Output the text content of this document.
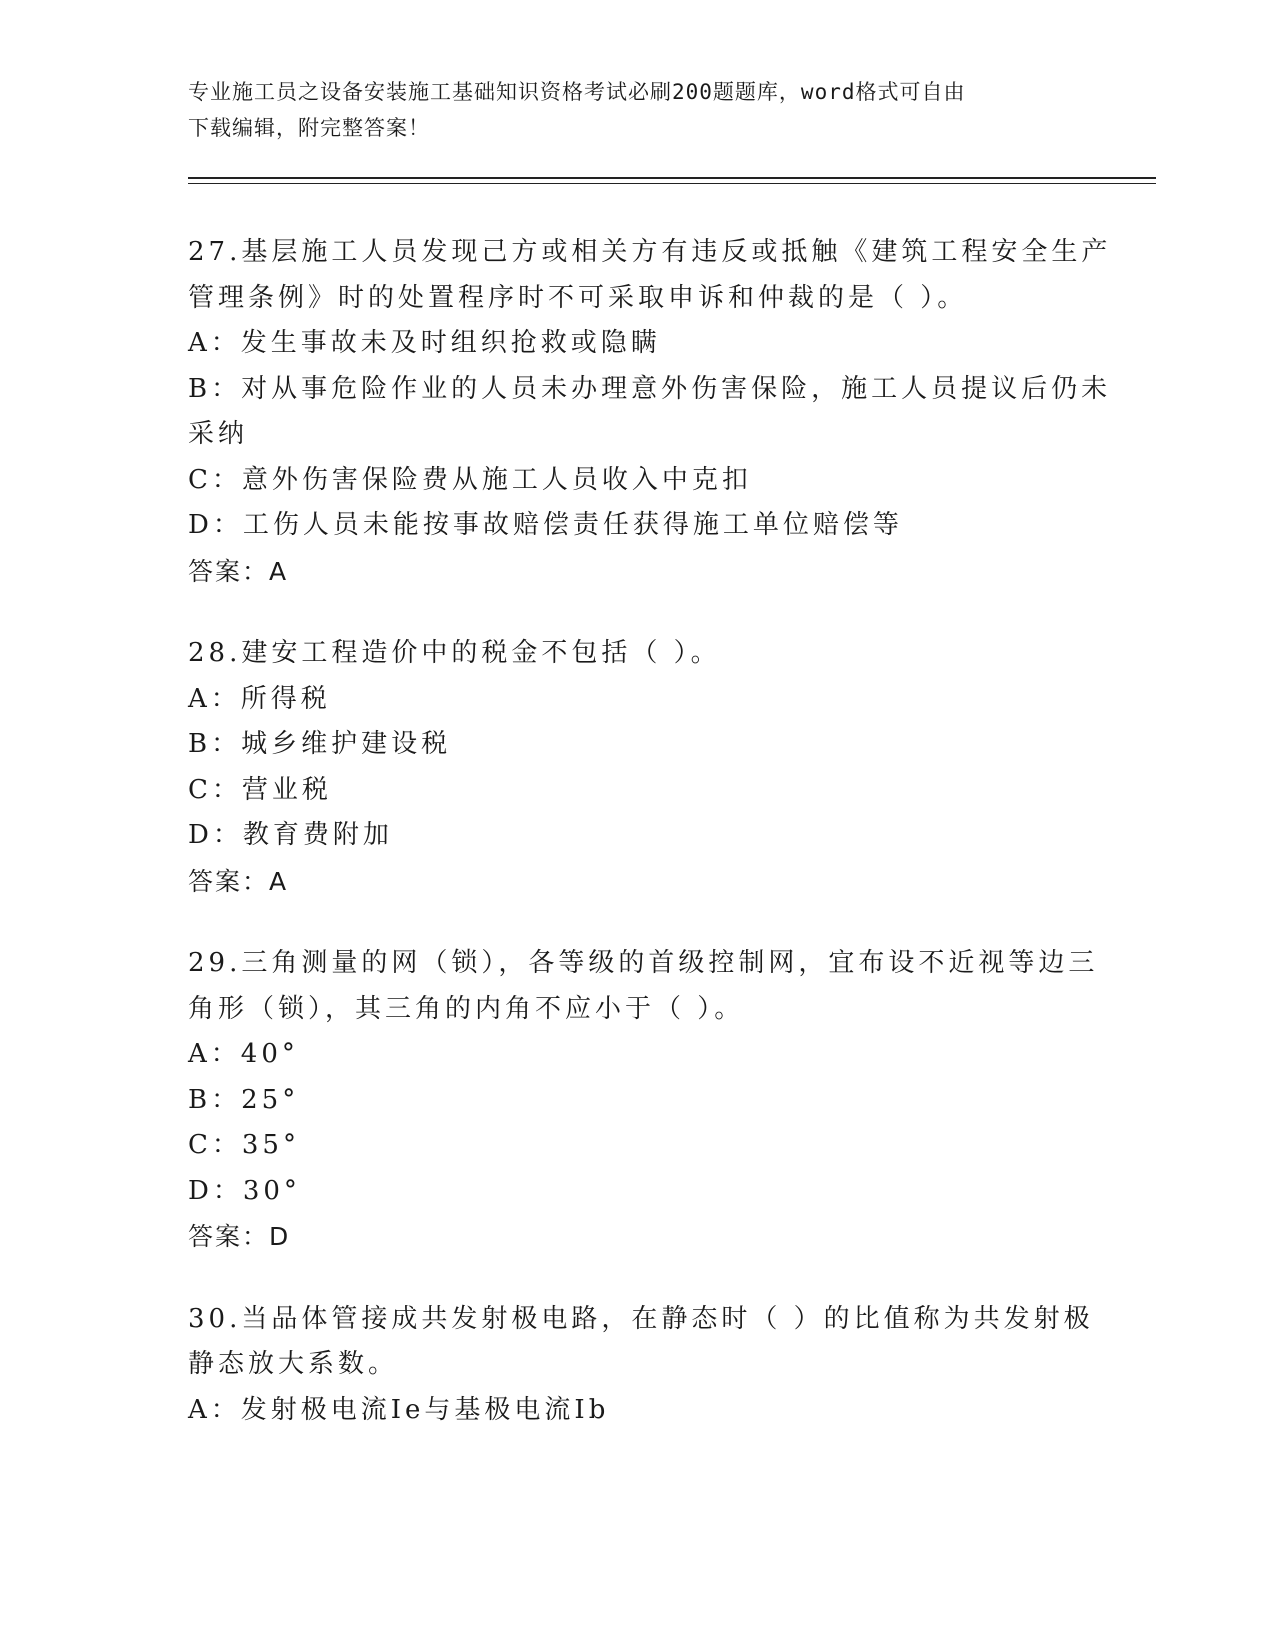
专业施工员之设备安装施工基础知识资格考试必刷200题题库，word格式可自由
下载编辑，附完整答案！
27.基层施工人员发现己方或相关方有违反或抵触《建筑工程安全生产
管理条例》时的处置程序时不可采取申诉和仲裁的是（ ）。
A：发生事故未及时组织抢救或隐瞒
B：对从事危险作业的人员未办理意外伤害保险，施工人员提议后仍未
采纳
C：意外伤害保险费从施工人员收入中克扣
D：工伤人员未能按事故赔偿责任获得施工单位赔偿等
答案：A
28.建安工程造价中的税金不包括（ ）。
A：所得税
B：城乡维护建设税
C：营业税
D：教育费附加
答案：A
29.三角测量的网（锁），各等级的首级控制网，宜布设不近视等边三
角形（锁），其三角的内角不应小于（ ）。
A：40°
B：25°
C：35°
D：30°
答案：D
30.当品体管接成共发射极电路，在静态时（ ）的比值称为共发射极
静态放大系数。
A：发射极电流Ie与基极电流Ib
